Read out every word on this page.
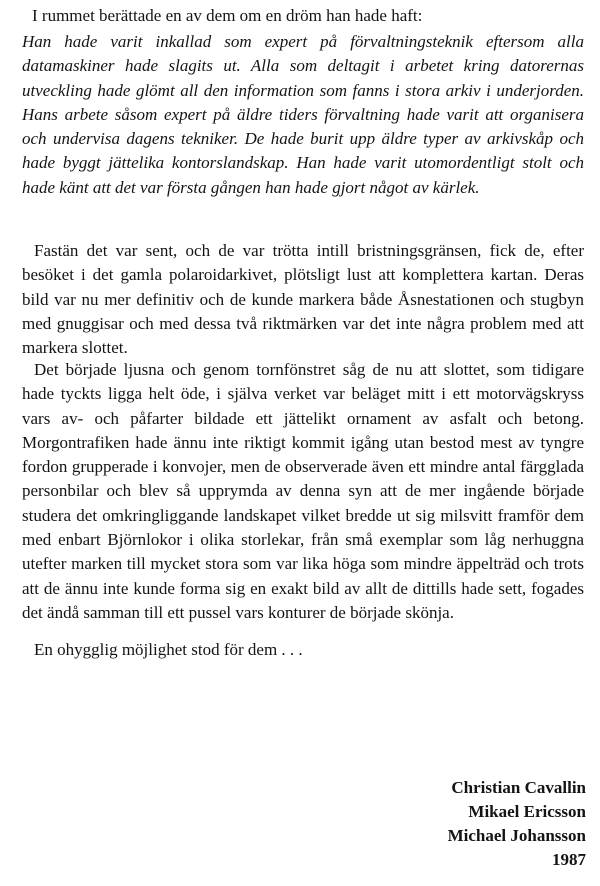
I rummet berättade en av dem om en dröm han hade haft:

Han hade varit inkallad som expert på förvaltningsteknik eftersom alla datamaskiner hade slagits ut. Alla som deltagit i arbetet kring datorernas utveckling hade glömt all den information som fanns i stora arkiv i underjorden. Hans arbete såsom expert på äldre tiders förvaltning hade varit att organisera och undervisa dagens tekniker. De hade burit upp äldre typer av arkivskåp och hade byggt jättelika kontorslandskap. Han hade varit utomordentligt stolt och hade känt att det var första gången han hade gjort något av kärlek.

Fastän det var sent, och de var trötta intill bristningsgränsen, fick de, efter besöket i det gamla polaroidarkivet, plötsligt lust att komplettera kartan. Deras bild var nu mer definitiv och de kunde markera både Åsnestationen och stugbyn med gnuggisar och med dessa två riktmärken var det inte några problem med att markera slottet.

Det började ljusna och genom tornfönstret såg de nu att slottet, som tidigare hade tyckts ligga helt öde, i själva verket var beläget mitt i ett motorvägskryss vars av- och påfarter bildade ett jättelikt ornament av asfalt och betong. Morgontrafiken hade ännu inte riktigt kommit igång utan bestod mest av tyngre fordon grupperade i konvojer, men de observerade även ett mindre antal färgglada personbilar och blev så upprymda av denna syn att de mer ingående började studera det omkringliggande landskapet vilket bredde ut sig milsvitt framför dem med enbart Björnlokor i olika storlekar, från små exemplar som låg nerhuggna utefter marken till mycket stora som var lika höga som mindre äppelträd och trots att de ännu inte kunde forma sig en exakt bild av allt de dittills hade sett, fogades det ändå samman till ett pussel vars konturer de började skönja.

En ohygglig möjlighet stod för dem . . .

Christian Cavallin
Mikael Ericsson
Michael Johansson
1987
